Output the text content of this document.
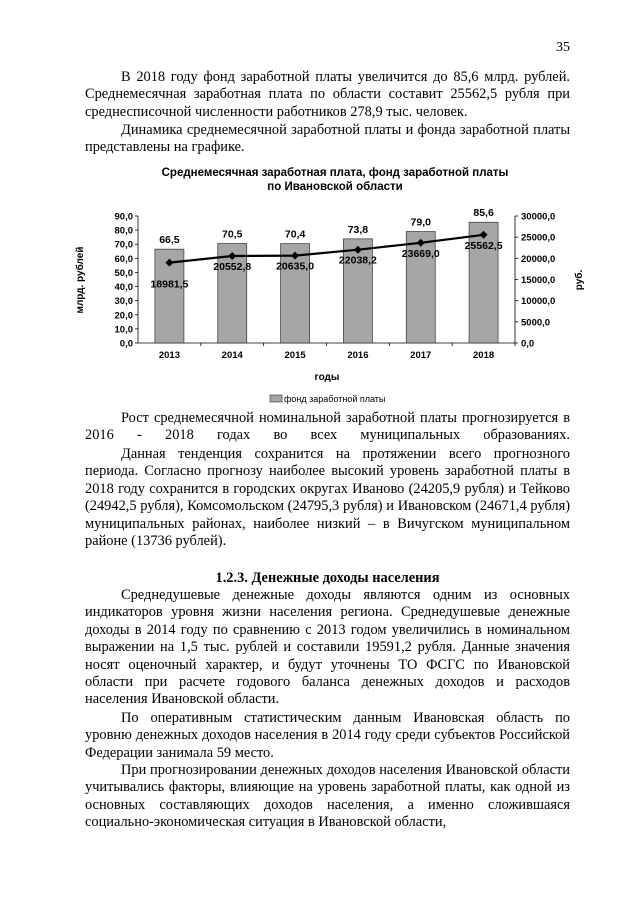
35

В 2018 году фонд заработной платы увеличится до 85,6 млрд. рублей. Среднемесячная заработная плата по области составит 25562,5 рубля при среднесписочной численности работников 278,9 тыс. человек.

Динамика среднемесячной заработной платы и фонда заработной платы представлены на графике.

Среднемесячная заработная плата, фонд заработной платы
по Ивановской области
90,0
80,0
70,0
60,0
50,0
40,0
30,0
20,0
10,0
0,0
30000,0
25000,0
20000,0
15000,0
10000,0
5000,0
0,0
66,5	70,5	70,4	73,8
79,0
85,6
18981,5
20552,8 20635,0 22038,2
23669,0
25562,5
2013	2014	2015	2016	2017	2018
млрд. рублей	руб.
годы
фонд заработной платы

Рост среднемесячной номинальной заработной платы прогнозируется в 2016 - 2018 годах во всех муниципальных образованиях.

Данная тенденция сохранится на протяжении всего прогнозного периода. Согласно прогнозу наиболее высокий уровень заработной платы в 2018 году сохранится в городских округах Иваново (24205,9 рубля) и Тейково (24942,5 рубля), Комсомольском (24795,3 рубля) и Ивановском (24671,4 рубля) муниципальных районах, наиболее низкий – в Вичугском муниципальном районе (13736 рублей).

1.2.3. Денежные доходы населения

Среднедушевые денежные доходы являются одним из основных индикаторов уровня жизни населения региона. Среднедушевые денежные доходы в 2014 году по сравнению с 2013 годом увеличились в номинальном выражении на 1,5 тыс. рублей и составили 19591,2 рубля. Данные значения носят оценочный характер, и будут уточнены ТО ФСГС по Ивановской области при расчете годового баланса денежных доходов и расходов населения Ивановской области.

По оперативным статистическим данным Ивановская область по уровню денежных доходов населения в 2014 году среди субъектов Российской Федерации занимала 59 место.

При прогнозировании денежных доходов населения Ивановской области учитывались факторы, влияющие на уровень заработной платы, как одной из основных составляющих доходов населения, а именно сложившаяся социально-экономическая ситуация в Ивановской области,
